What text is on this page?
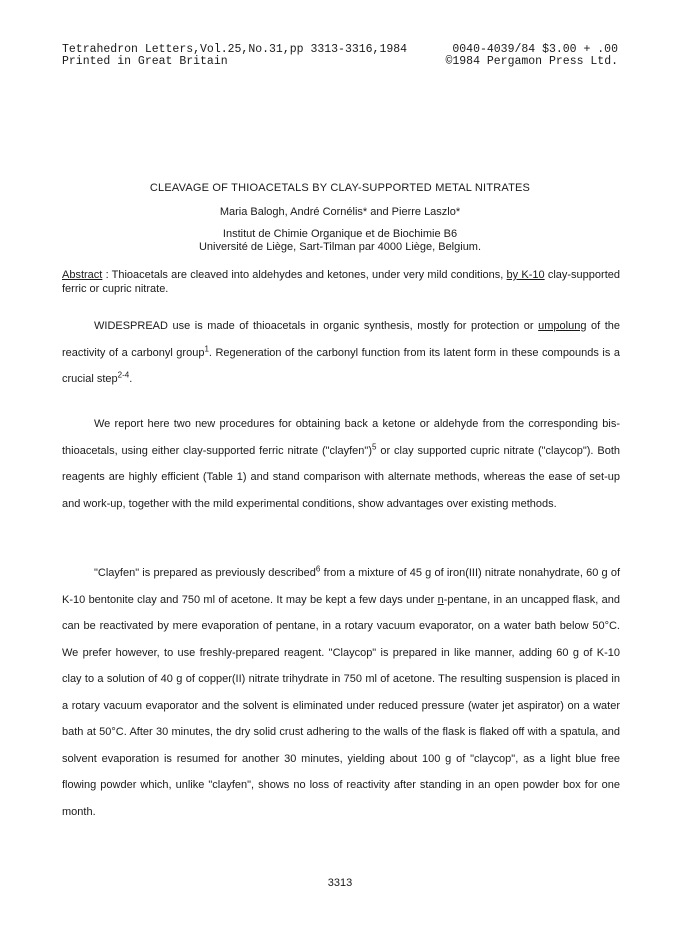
Tetrahedron Letters,Vol.25,No.31,pp 3313-3316,1984	0040-4039/84 $3.00 + .00
Printed in Great Britain	©1984 Pergamon Press Ltd.
CLEAVAGE OF THIOACETALS BY CLAY-SUPPORTED METAL NITRATES
Maria Balogh, André Cornélis* and Pierre Laszlo*
Institut de Chimie Organique et de Biochimie B6
Université de Liège, Sart-Tilman par 4000 Liège, Belgium.
Abstract : Thioacetals are cleaved into aldehydes and ketones, under very mild conditions, by K-10 clay-supported ferric or cupric nitrate.

WIDESPREAD use is made of thioacetals in organic synthesis, mostly for protection or umpolung of the reactivity of a carbonyl group$^1$. Regeneration of the carbonyl function from its latent form in these compounds is a crucial step$^{2-4}$.

We report here two new procedures for obtaining back a ketone or aldehyde from the corresponding bis-thioacetals, using either clay-supported ferric nitrate ("clayfen")$^5$ or clay supported cupric nitrate ("claycop"). Both reagents are highly efficient (Table 1) and stand comparison with alternate methods, whereas the ease of set-up and work-up, together with the mild experimental conditions, show advantages over existing methods.

"Clayfen" is prepared as previously described$^6$ from a mixture of 45 g of iron(III) nitrate nonahydrate, 60 g of K-10 bentonite clay and 750 ml of acetone. It may be kept a few days under n-pentane, in an uncapped flask, and can be reactivated by mere evaporation of pentane, in a rotary vacuum evaporator, on a water bath below 50°C. We prefer however, to use freshly-prepared reagent. "Claycop" is prepared in like manner, adding 60 g of K-10 clay to a solution of 40 g of copper(II) nitrate trihydrate in 750 ml of acetone. The resulting suspension is placed in a rotary vacuum evaporator and the solvent is eliminated under reduced pressure (water jet aspirator) on a water bath at 50°C. After 30 minutes, the dry solid crust adhering to the walls of the flask is flaked off with a spatula, and solvent evaporation is resumed for another 30 minutes, yielding about 100 g of "claycop", as a light blue free flowing powder which, unlike "clayfen", shows no loss of reactivity after standing in an open powder box for one month.

3313
